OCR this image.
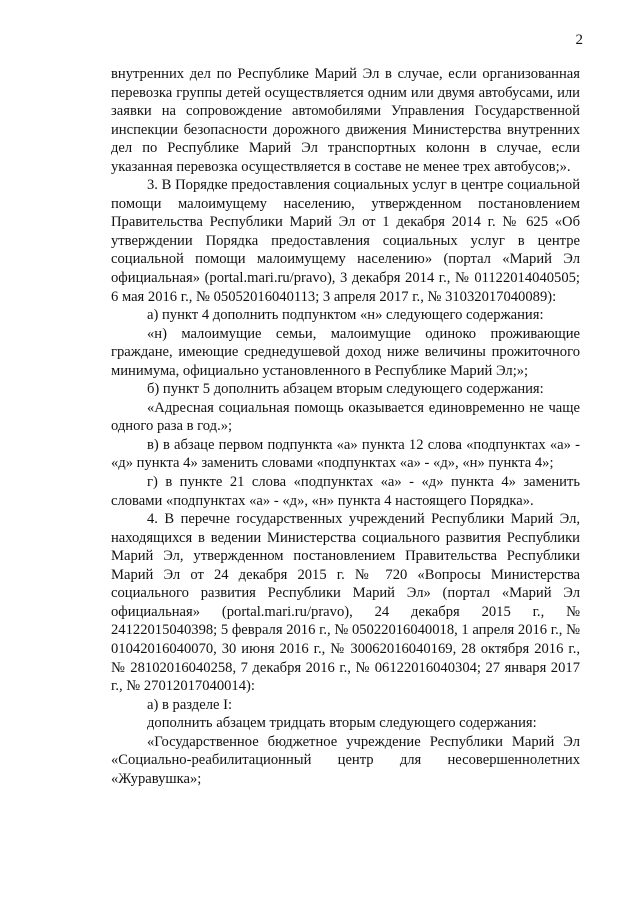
2

внутренних дел по Республике Марий Эл в случае, если организованная перевозка группы детей осуществляется одним или двумя автобусами, или заявки на сопровождение автомобилями Управления Государственной инспекции безопасности дорожного движения Министерства внутренних дел по Республике Марий Эл транспортных колонн в случае, если указанная перевозка осуществляется в составе не менее трех автобусов;».

3. В Порядке предоставления социальных услуг в центре социальной помощи малоимущему населению, утвержденном постановлением Правительства Республики Марий Эл от 1 декабря 2014 г. № 625 «Об утверждении Порядка предоставления социальных услуг в центре социальной помощи малоимущему населению» (портал «Марий Эл официальная» (portal.mari.ru/pravo), 3 декабря 2014 г., № 01122014040505; 6 мая 2016 г., № 05052016040113; 3 апреля 2017 г., № 31032017040089):

а) пункт 4 дополнить подпунктом «н» следующего содержания:

«н) малоимущие семьи, малоимущие одиноко проживающие граждане, имеющие среднедушевой доход ниже величины прожиточного минимума, официально установленного в Республике Марий Эл;»;

б) пункт 5 дополнить абзацем вторым следующего содержания:

«Адресная социальная помощь оказывается единовременно не чаще одного раза в год.»;

в) в абзаце первом подпункта «а» пункта 12 слова «подпунктах «а» - «д» пункта 4» заменить словами «подпунктах «а» - «д», «н» пункта 4»;

г) в пункте 21 слова «подпунктах «а» - «д» пункта 4» заменить словами «подпунктах «а» - «д», «н» пункта 4 настоящего Порядка».

4. В перечне государственных учреждений Республики Марий Эл, находящихся в ведении Министерства социального развития Республики Марий Эл, утвержденном постановлением Правительства Республики Марий Эл от 24 декабря 2015 г. № 720 «Вопросы Министерства социального развития Республики Марий Эл» (портал «Марий Эл официальная» (portal.mari.ru/pravo), 24 декабря 2015 г., № 24122015040398; 5 февраля 2016 г., № 05022016040018, 1 апреля 2016 г., № 01042016040070, 30 июня 2016 г., № 30062016040169, 28 октября 2016 г., № 28102016040258, 7 декабря 2016 г., № 06122016040304; 27 января 2017 г., № 27012017040014):

а) в разделе I:

дополнить абзацем тридцать вторым следующего содержания:

«Государственное бюджетное учреждение Республики Марий Эл «Социально-реабилитационный центр для несовершеннолетних «Журавушка»;
